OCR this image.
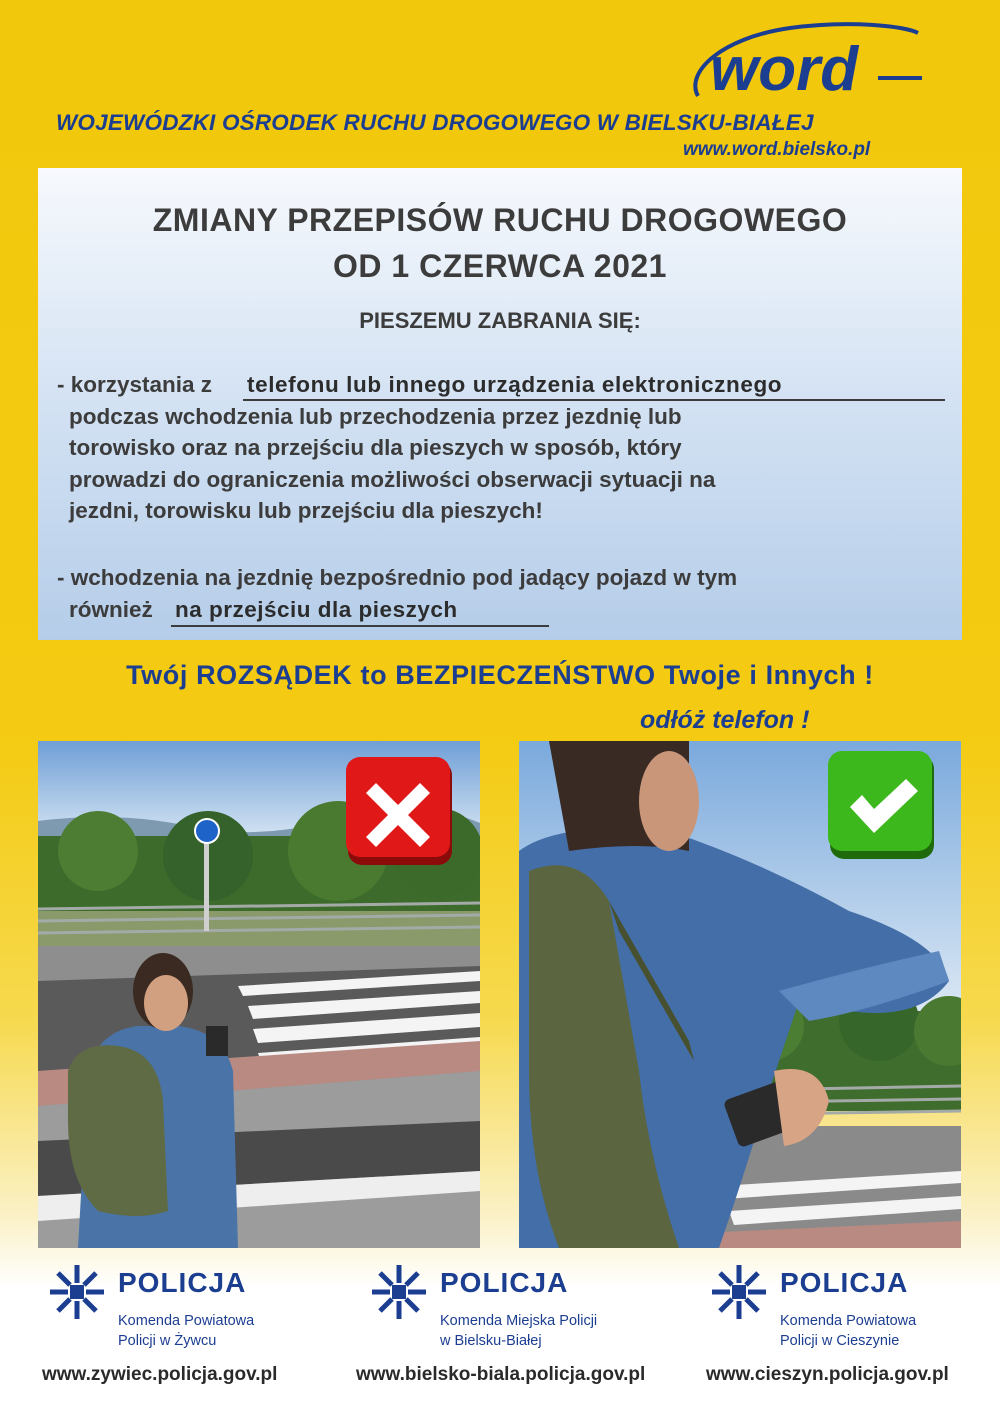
word
WOJEWÓDZKI OŚRODEK RUCHU DROGOWEGO W BIELSKU-BIAŁEJ
www.word.bielsko.pl
ZMIANY PRZEPISÓW RUCHU DROGOWEGO
OD 1 CZERWCA 2021
PIESZEMU ZABRANIA SIĘ:
- korzystania z telefonu lub innego urządzenia elektronicznego
podczas wchodzenia lub przechodzenia przez jezdnię lub
torowisko oraz na przejściu dla pieszych w sposób, który
prowadzi do ograniczenia możliwości obserwacji sytuacji na
jezdni, torowisku lub przejściu dla pieszych!
- wchodzenia na jezdnię bezpośrednio pod jadący pojazd w tym
również na przejściu dla pieszych
Twój ROZSĄDEK to BEZPIECZEŃSTWO Twoje i Innych !
odłóż telefon !
POLICJA
Komenda Powiatowa
Policji w Żywcu
POLICJA
Komenda Miejska Policji
w Bielsku-Białej
POLICJA
Komenda Powiatowa
Policji w Cieszynie
www.zywiec.policja.gov.pl	www.bielsko-biala.policja.gov.pl	www.cieszyn.policja.gov.pl
